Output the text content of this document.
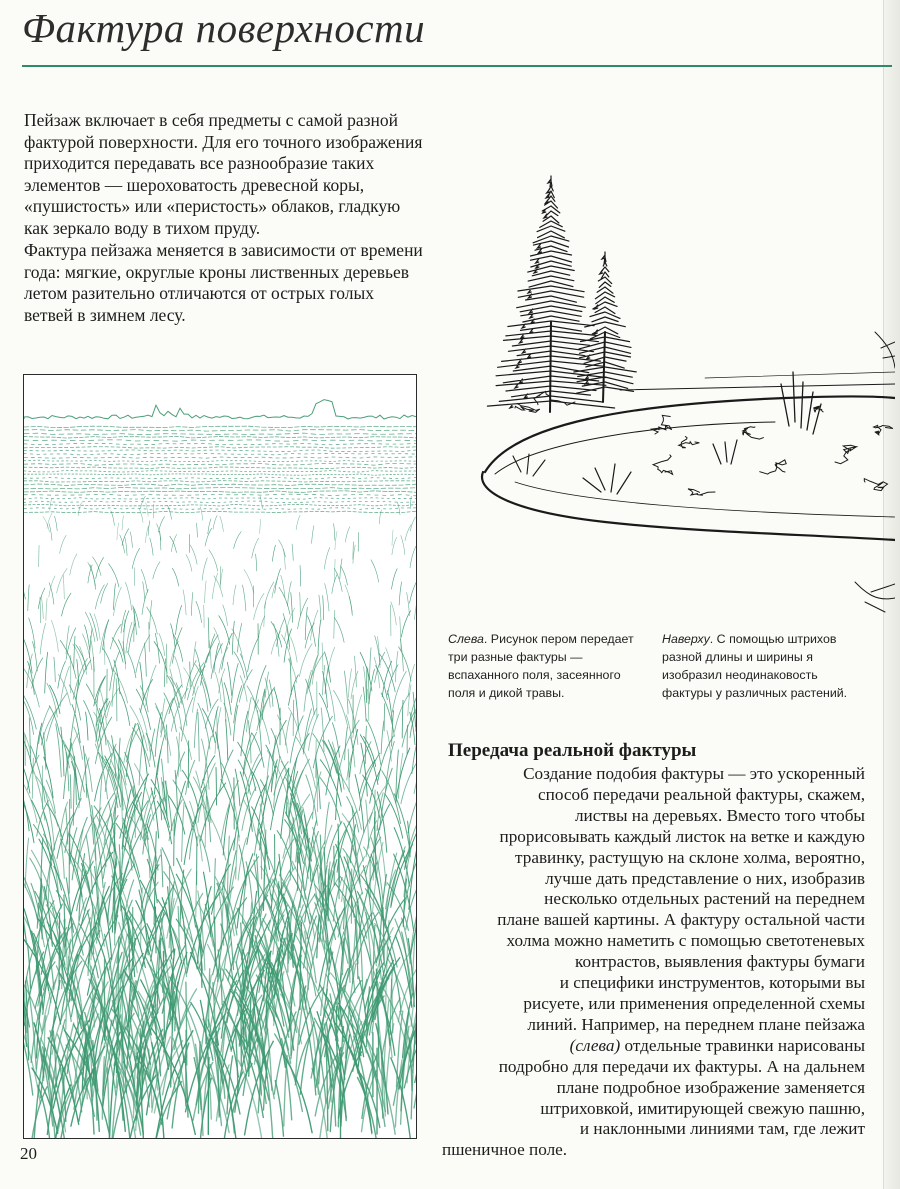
Фактура поверхности

Пейзаж включает в себя предметы с самой разной фактурой поверхности. Для его точного изображения приходится передавать все разнообразие таких элементов — шероховатость древесной коры, «пушистость» или «перистость» облаков, гладкую как зеркало воду в тихом пруду.

Фактура пейзажа меняется в зависимости от времени года: мягкие, округлые кроны лиственных деревьев летом разительно отличаются от острых голых ветвей в зимнем лесу.

Слева. Рисунок пером передает три разные фактуры — вспаханного поля, засеянного поля и дикой травы.
Наверху. С помощью штрихов разной длины и ширины я изобразил неодинаковость фактуры у различных растений.
Передача реальной фактуры
Создание подобия фактуры — это ускоренный
способ передачи реальной фактуры, скажем,
листвы на деревьях. Вместо того чтобы
прорисовывать каждый листок на ветке и каждую
травинку, растущую на склоне холма, вероятно,
лучше дать представление о них, изобразив
несколько отдельных растений на переднем
плане вашей картины. А фактуру остальной части
холма можно наметить с помощью светотеневых
контрастов, выявления фактуры бумаги
и специфики инструментов, которыми вы
рисуете, или применения определенной схемы
линий. Например, на переднем плане пейзажа
(слева) отдельные травинки нарисованы
подробно для передачи их фактуры. А на дальнем
плане подробное изображение заменяется
штриховкой, имитирующей свежую пашню,
и наклонными линиями там, где лежит
пшеничное поле.
20
